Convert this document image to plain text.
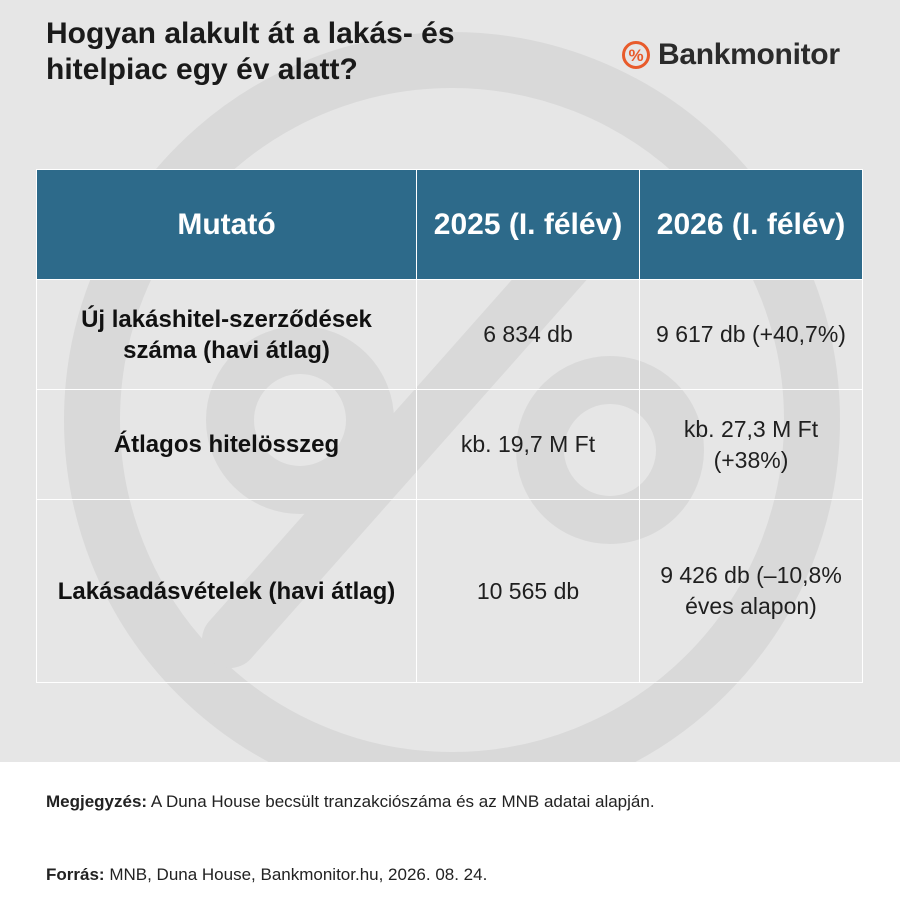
Hogyan alakult át a lakás- és hitelpiac egy év alatt?	% Bankmonitor
Mutató	2025 (I. félév)	2026 (I. félév)
Új lakáshitel-szerződések száma (havi átlag)	6 834 db	9 617 db (+40,7%)
Átlagos hitelösszeg	kb. 19,7 M Ft	kb. 27,3 M Ft (+38%)
Lakásadásvételek (havi átlag)	10 565 db	9 426 db (–10,8% éves alapon)

Megjegyzés: A Duna House becsült tranzakciószáma és az MNB adatai alapján.

Forrás: MNB, Duna House, Bankmonitor.hu, 2026. 08. 24.
